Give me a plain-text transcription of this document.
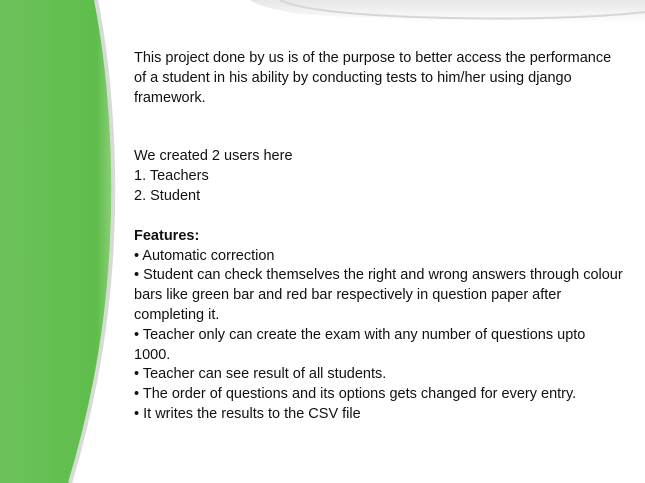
This project done by us is of the purpose to better access the performance of a student in his ability by conducting tests to him/her using django framework.

We created 2 users here
1. Teachers
2. Student
Features:
• Automatic correction
• Student can check themselves the right and wrong answers through colour bars like green bar and red bar respectively in question paper after completing it.
• Teacher only can create the exam with any number of questions upto 1000.
• Teacher can see result of all students.
• The order of questions and its options gets changed for every entry.
• It writes the results to the CSV file
